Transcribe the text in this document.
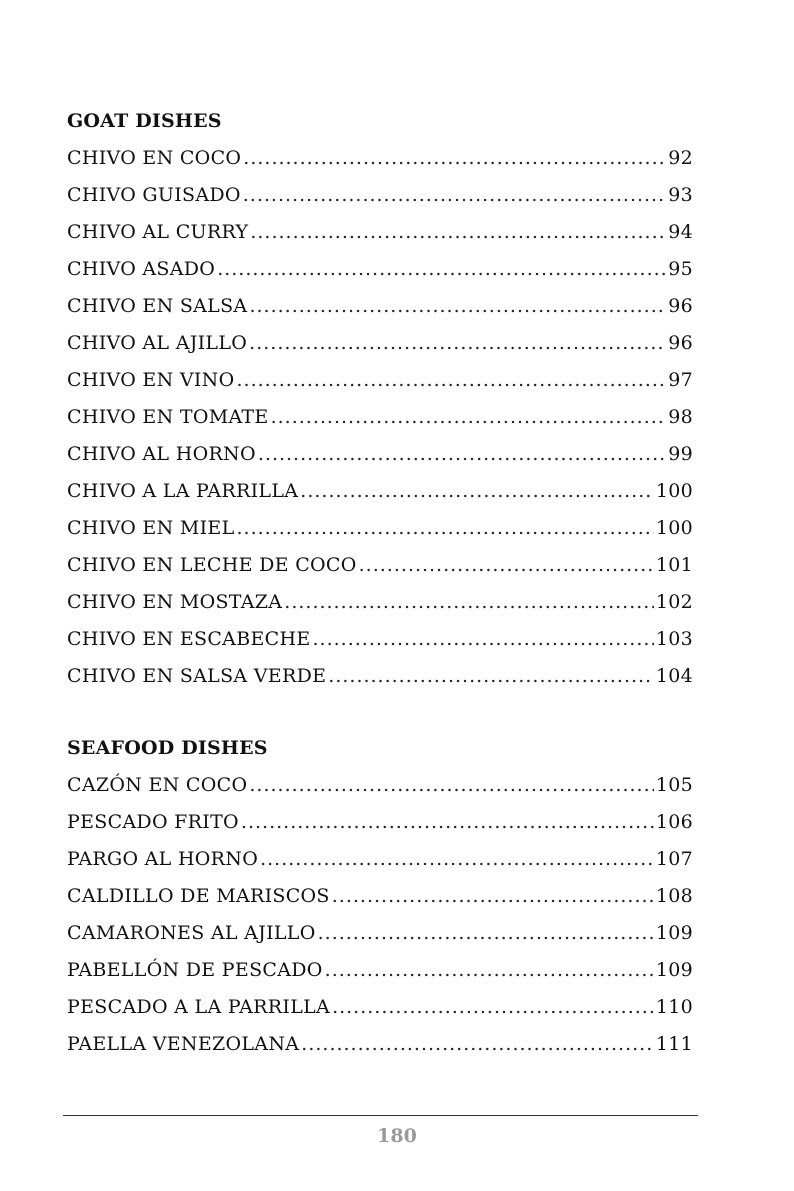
GOAT DISHES
CHIVO EN COCO .....	92
CHIVO GUISADO .....	93
CHIVO AL CURRY .....	94
CHIVO ASADO .....	95
CHIVO EN SALSA .....	96
CHIVO AL AJILLO .....	96
CHIVO EN VINO .....	97
CHIVO EN TOMATE .....	98
CHIVO AL HORNO .....	99
CHIVO A LA PARRILLA .....	100
CHIVO EN MIEL .....	100
CHIVO EN LECHE DE COCO .....	101
CHIVO EN MOSTAZA .....	102
CHIVO EN ESCABECHE .....	103
CHIVO EN SALSA VERDE .....	104
SEAFOOD DISHES
CAZÓN EN COCO .....	105
PESCADO FRITO .....	106
PARGO AL HORNO .....	107
CALDILLO DE MARISCOS .....	108
CAMARONES AL AJILLO .....	109
PABELLÓN DE PESCADO .....	109
PESCADO A LA PARRILLA .....	110
PAELLA VENEZOLANA .....	111
180
